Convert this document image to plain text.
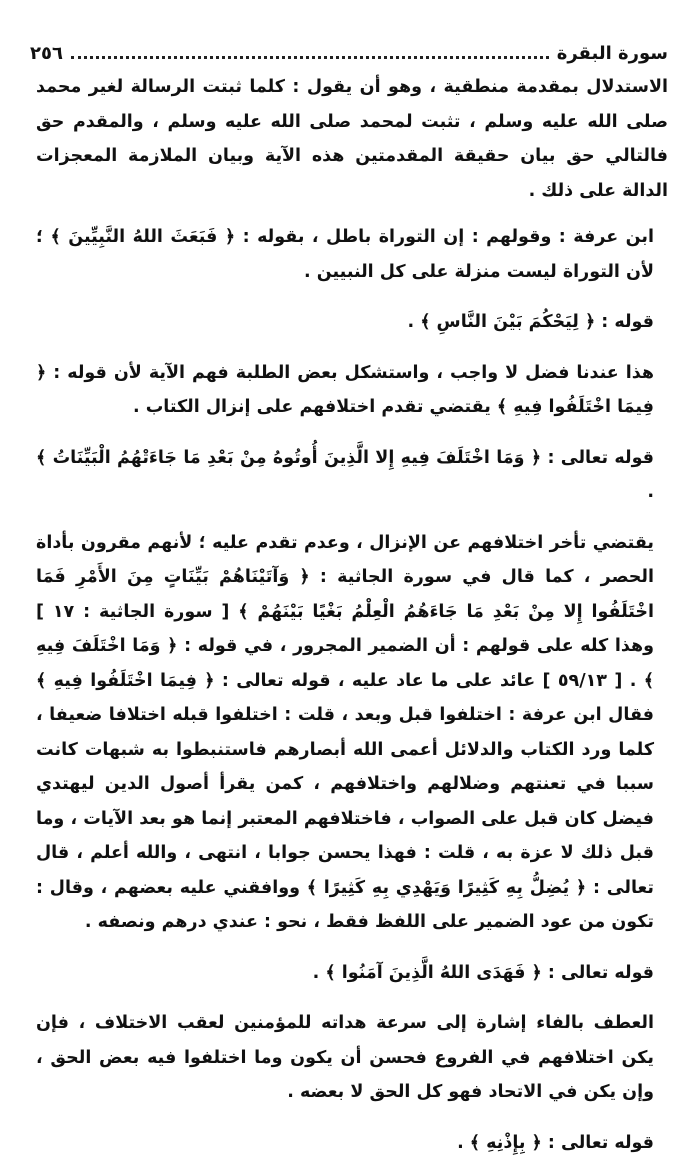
سورة البقرة
٢٥٦

الاستدلال بمقدمة منطقية ، وهو أن يقول : كلما ثبتت الرسالة لغير محمد صلى الله عليه وسلم ، تثبت لمحمد صلى الله عليه وسلم ، والمقدم حق فالتالي حق بيان حقيقة المقدمتين هذه الآية وبيان الملازمة المعجزات الدالة على ذلك .

ابن عرفة : وقولهم : إن التوراة باطل ، بقوله : ﴿ فَبَعَثَ اللهُ النَّبِيِّينَ ﴾ ؛ لأن التوراة ليست منزلة على كل النبيين .

قوله : ﴿ لِيَحْكُمَ بَيْنَ النَّاسِ ﴾ .

هذا عندنا فضل لا واجب ، واستشكل بعض الطلبة فهم الآية لأن قوله : ﴿ فِيمَا اخْتَلَفُوا فِيهِ ﴾ يقتضي تقدم اختلافهم على إنزال الكتاب .

قوله تعالى : ﴿ وَمَا اخْتَلَفَ فِيهِ إِلا الَّذِينَ أُوتُوهُ مِنْ بَعْدِ مَا جَاءَتْهُمُ الْبَيِّنَاتُ ﴾ .

يقتضي تأخر اختلافهم عن الإنزال ، وعدم تقدم عليه ؛ لأنهم مقرون بأداة الحصر ، كما قال في سورة الجاثية : ﴿ وَآتَيْنَاهُمْ بَيِّنَاتٍ مِنَ الأَمْرِ فَمَا اخْتَلَفُوا إِلا مِنْ بَعْدِ مَا جَاءَهُمُ الْعِلْمُ بَغْيًا بَيْنَهُمْ ﴾ [ سورة الجاثية : ١٧ ] وهذا كله على قولهم : أن الضمير المجرور ، في قوله : ﴿ وَمَا اخْتَلَفَ فِيهِ ﴾ . [ ٥٩/١٣ ] عائد على ما عاد عليه ، قوله تعالى : ﴿ فِيمَا اخْتَلَفُوا فِيهِ ﴾ فقال ابن عرفة : اختلفوا قبل وبعد ، قلت : اختلفوا قبله اختلافا ضعيفا ، كلما ورد الكتاب والدلائل أعمى الله أبصارهم فاستنبطوا به شبهات كانت سببا في تعنتهم وضلالهم واختلافهم ، كمن يقرأ أصول الدين ليهتدي فيضل كان قبل على الصواب ، فاختلافهم المعتبر إنما هو بعد الآيات ، وما قبل ذلك لا عزة به ، قلت : فهذا يحسن جوابا ، انتهى ، والله أعلم ، قال تعالى : ﴿ يُضِلُّ بِهِ كَثِيرًا وَيَهْدِي بِهِ كَثِيرًا ﴾ ووافقني عليه بعضهم ، وقال : تكون من عود الضمير على اللفظ فقط ، نحو : عندي درهم ونصفه .

قوله تعالى : ﴿ فَهَدَى اللهُ الَّذِينَ آمَنُوا ﴾ .

العطف بالفاء إشارة إلى سرعة هداته للمؤمنين لعقب الاختلاف ، فإن يكن اختلافهم في الفروع فحسن أن يكون وما اختلفوا فيه بعض الحق ، وإن يكن في الاتحاد فهو كل الحق لا بعضه .

قوله تعالى : ﴿ بِإِذْنِهِ ﴾ .
